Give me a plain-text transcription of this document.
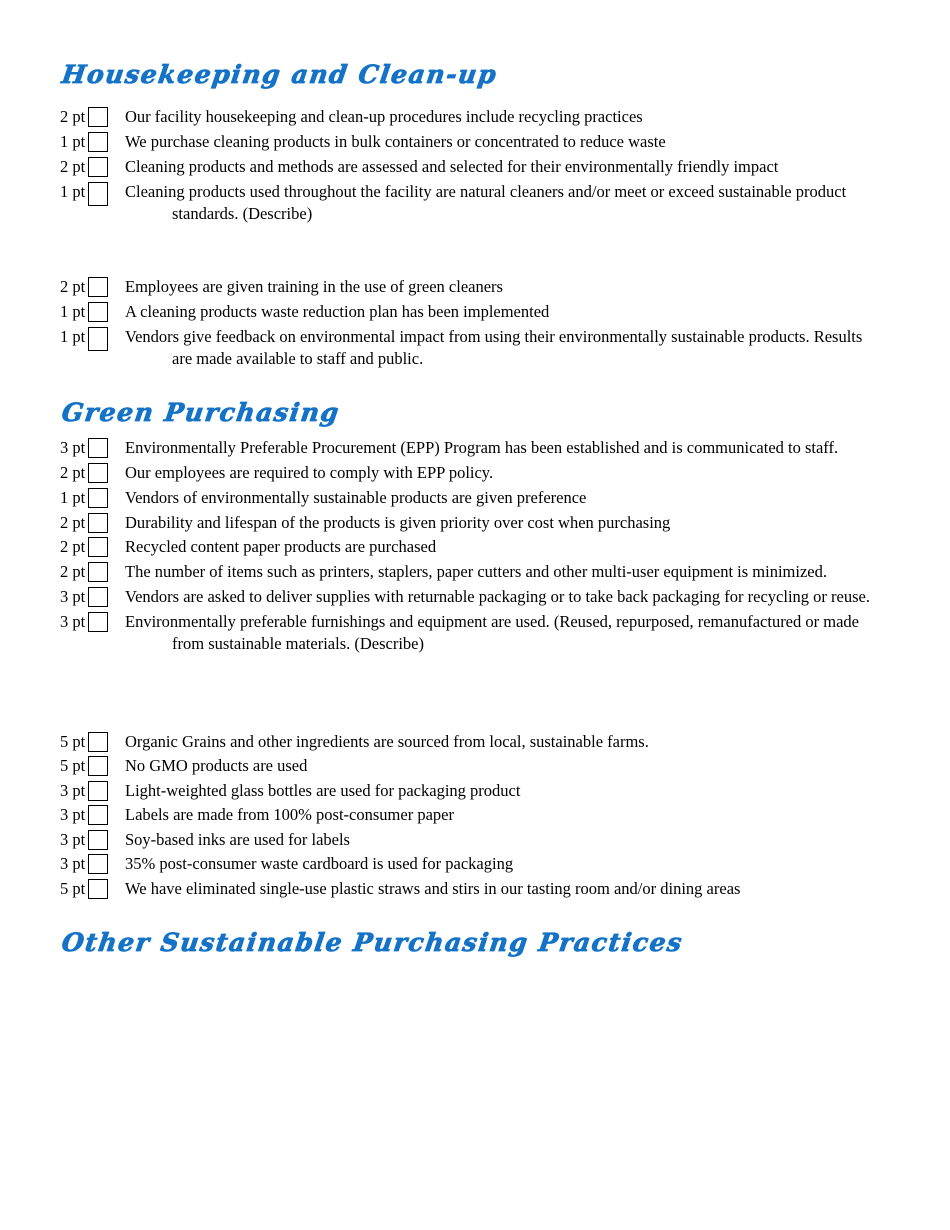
Housekeeping and Clean-up
2 pt Our facility housekeeping and clean-up procedures include recycling practices
1 pt We purchase cleaning products in bulk containers or concentrated to reduce waste
2 pt Cleaning products and methods are assessed and selected for their environmentally friendly impact
1 pt Cleaning products used throughout the facility are natural cleaners and/or meet or exceed sustainable product
standards. (Describe)
2 pt Employees are given training in the use of green cleaners
1 pt A cleaning products waste reduction plan has been implemented
1 pt Vendors give feedback on environmental impact from using their environmentally sustainable products. Results
are made available to staff and public.
Green Purchasing
3 pt Environmentally Preferable Procurement (EPP) Program has been established and is communicated to staff.
2 pt Our employees are required to comply with EPP policy.
1 pt Vendors of environmentally sustainable products are given preference
2 pt Durability and lifespan of the products is given priority over cost when purchasing
2 pt Recycled content paper products are purchased
2 pt The number of items such as printers, staplers, paper cutters and other multi-user equipment is minimized.
3 pt Vendors are asked to deliver supplies with returnable packaging or to take back packaging for recycling or reuse.
3 pt Environmentally preferable furnishings and equipment are used. (Reused, repurposed, remanufactured or made
from sustainable materials. (Describe)
5 pt Organic Grains and other ingredients are sourced from local, sustainable farms.
5 pt No GMO products are used
3 pt Light-weighted glass bottles are used for packaging product
3 pt Labels are made from 100% post-consumer paper
3 pt Soy-based inks are used for labels
3 pt 35% post-consumer waste cardboard is used for packaging
5 pt We have eliminated single-use plastic straws and stirs in our tasting room and/or dining areas
Other Sustainable Purchasing Practices
